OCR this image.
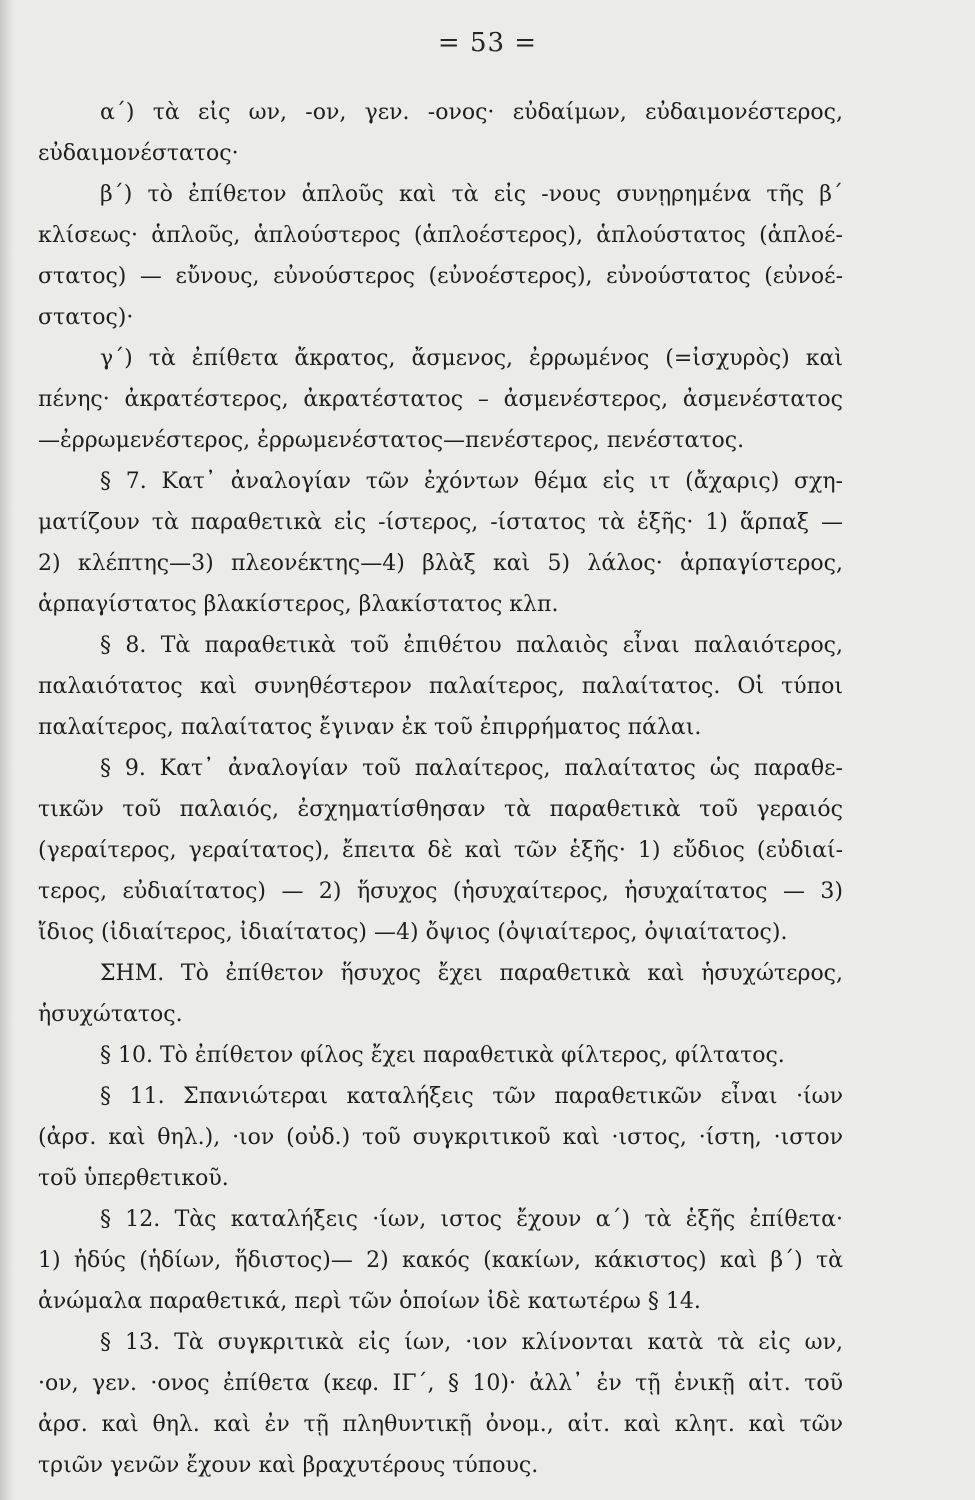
= 53 =
α΄) τὰ εἰς ων, -ον, γεν. -ονος· εὐδαίμων, εὐδαιμονέστερος,
εὐδαιμονέστατος·
β΄) τὸ ἐπίθετον ἁπλοῦς καὶ τὰ εἰς -νους συνῃρημένα τῆς β΄
κλίσεως· ἁπλοῦς, ἁπλούστερος (ἁπλοέστερος), ἁπλούστατος (ἁπλοέ-
στατος) — εὔνους, εὐνούστερος (εὐνοέστερος), εὐνούστατος (εὐνοέ-
στατος)·
γ΄) τὰ ἐπίθετα ἄκρατος, ἄσμενος, ἐρρωμένος (=ἰσχυρὸς) καὶ
πένης· ἀκρατέστερος, ἀκρατέστατος – ἀσμενέστερος, ἀσμενέστατος
—ἐρρωμενέστερος, ἐρρωμενέστατος—πενέστερος, πενέστατος.
§ 7. Κατ᾿ ἀναλογίαν τῶν ἐχόντων θέμα εἰς ιτ (ἄχαρις) σχη-
ματίζουν τὰ παραθετικὰ εἰς -ίστερος, -ίστατος τὰ ἑξῆς· 1) ἅρπαξ —
2) κλέπτης—3) πλεονέκτης—4) βλὰξ καὶ 5) λάλος· ἁρπαγίστερος,
ἁρπαγίστατος βλακίστερος, βλακίστατος κλπ.
§ 8. Τὰ παραθετικὰ τοῦ ἐπιθέτου παλαιὸς εἶναι παλαιότερος,
παλαιότατος καὶ συνηθέστερον παλαίτερος, παλαίτατος. Οἱ τύποι
παλαίτερος, παλαίτατος ἔγιναν ἐκ τοῦ ἐπιρρήματος πάλαι.
§ 9. Κατ᾿ ἀναλογίαν τοῦ παλαίτερος, παλαίτατος ὡς παραθε-
τικῶν τοῦ παλαιός, ἐσχηματίσθησαν τὰ παραθετικὰ τοῦ γεραιός
(γεραίτερος, γεραίτατος), ἔπειτα δὲ καὶ τῶν ἑξῆς· 1) εὔδιος (εὐδιαί-
τερος, εὐδιαίτατος) — 2) ἥσυχος (ἡσυχαίτερος, ἡσυχαίτατος — 3)
ἴδιος (ἰδιαίτερος, ἰδιαίτατος) —4) ὄψιος (ὀψιαίτερος, ὀψιαίτατος).
ΣΗΜ. Τὸ ἐπίθετον ἥσυχος ἔχει παραθετικὰ καὶ ἡσυχώτερος,
ἡσυχώτατος.
§ 10. Τὸ ἐπίθετον φίλος ἔχει παραθετικὰ φίλτερος, φίλτατος.
§ 11. Σπανιώτεραι καταλήξεις τῶν παραθετικῶν εἶναι ·ίων
(ἀρσ. καὶ θηλ.), ·ιον (οὐδ.) τοῦ συγκριτικοῦ καὶ ·ιστος, ·ίστη, ·ιστον
τοῦ ὑπερθετικοῦ.
§ 12. Τὰς καταλήξεις ·ίων, ιστος ἔχουν α΄) τὰ ἑξῆς ἐπίθετα·
1) ἡδύς (ἡδίων, ἥδιστος)— 2) κακός (κακίων, κάκιστος) καὶ β΄) τὰ
ἀνώμαλα παραθετικά, περὶ τῶν ὁποίων ἰδὲ κατωτέρω § 14.
§ 13. Τὰ συγκριτικὰ εἰς ίων, ·ιον κλίνονται κατὰ τὰ εἰς ων,
·ον, γεν. ·ονος ἐπίθετα (κεφ. ΙΓ΄, § 10)· ἀλλ᾿ ἐν τῇ ἑνικῇ αἰτ. τοῦ
ἀρσ. καὶ θηλ. καὶ ἐν τῇ πληθυντικῇ ὀνομ., αἰτ. καὶ κλητ. καὶ τῶν
τριῶν γενῶν ἔχουν καὶ βραχυτέρους τύπους.
